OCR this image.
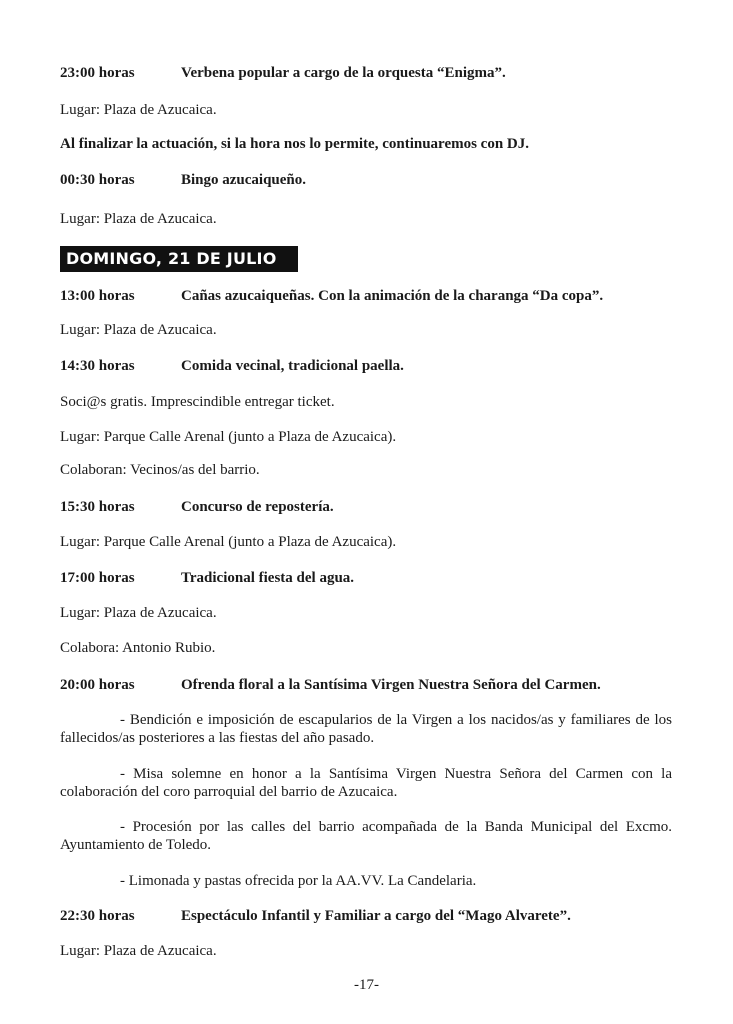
23:00 horas	Verbena popular a cargo de la orquesta “Enigma”.
Lugar: Plaza de Azucaica.
Al finalizar la actuación, si la hora nos lo permite, continuaremos con DJ.
00:30 horas	Bingo azucaiqueño.
Lugar: Plaza de Azucaica.
DOMINGO, 21 DE JULIO
13:00 horas	Cañas azucaiqueñas. Con la animación de la charanga “Da copa”.
Lugar: Plaza de Azucaica.
14:30 horas	Comida vecinal, tradicional paella.
Soci@s gratis. Imprescindible entregar ticket.
Lugar: Parque Calle Arenal (junto a Plaza de Azucaica).
Colaboran: Vecinos/as del barrio.
15:30 horas	Concurso de repostería.
Lugar: Parque Calle Arenal (junto a Plaza de Azucaica).
17:00 horas	Tradicional fiesta del agua.
Lugar: Plaza de Azucaica.
Colabora: Antonio Rubio.
20:00 horas	Ofrenda floral a la Santísima Virgen Nuestra Señora del Carmen.
- Bendición e imposición de escapularios de la Virgen a los nacidos/as y familiares de los fallecidos/as posteriores a las fiestas del año pasado.
- Misa solemne en honor a la Santísima Virgen Nuestra Señora del Carmen con la colaboración del coro parroquial del barrio de Azucaica.
- Procesión por las calles del barrio acompañada de la Banda Municipal del Excmo. Ayuntamiento de Toledo.
- Limonada y pastas ofrecida por la AA.VV. La Candelaria.
22:30 horas	Espectáculo Infantil y Familiar a cargo del “Mago Alvarete”.
Lugar: Plaza de Azucaica.
-17-
